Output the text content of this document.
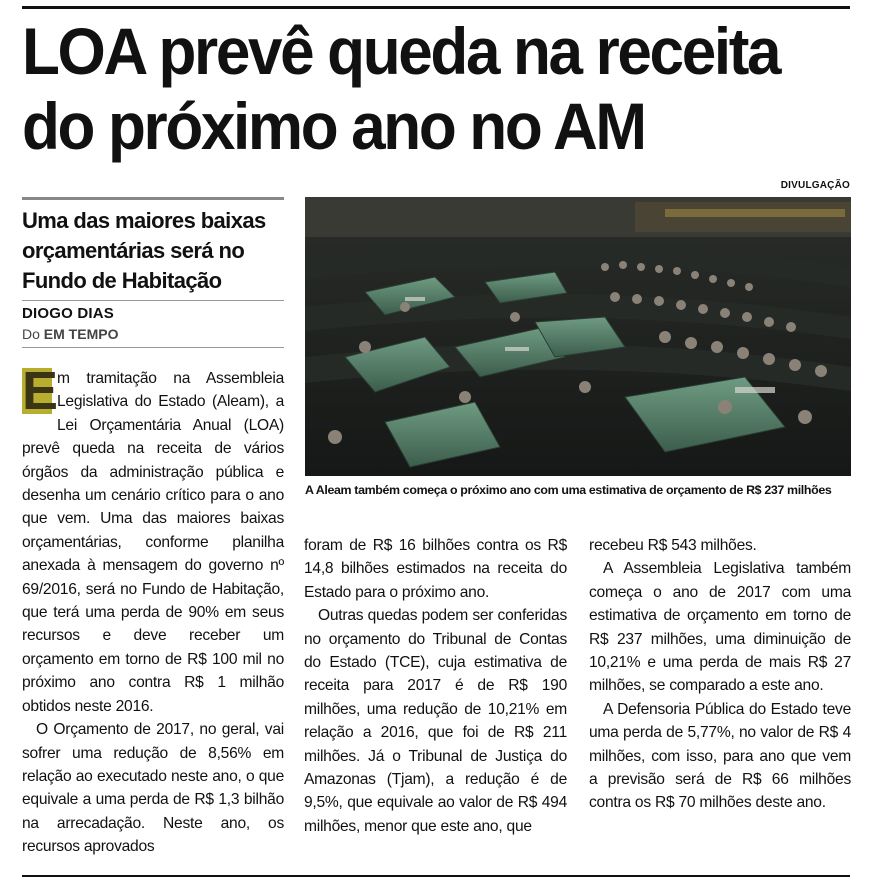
LOA prevê queda na receita
do próximo ano no AM
DIVULGAÇÃO
Uma das maiores baixas
orçamentárias será no
Fundo de Habitação
DIOGO DIAS
Do EM TEMPO

E m tramitação na Assembleia Legislativa do Estado (Aleam), a Lei Orçamentária Anual (LOA) prevê queda na receita de vários órgãos da administração pública e desenha um cenário crítico para o ano que vem. Uma das maiores baixas orçamentárias, conforme planilha anexada à mensagem do governo nº 69/2016, será no Fundo de Habitação, que terá uma perda de 90% em seus recursos e deve receber um orçamento em torno de R$ 100 mil no próximo ano contra R$ 1 milhão obtidos neste 2016.

O Orçamento de 2017, no geral, vai sofrer uma redução de 8,56% em relação ao executado neste ano, o que equivale a uma perda de R$ 1,3 bilhão na arrecadação. Neste ano, os recursos aprovados

A Aleam também começa o próximo ano com uma estimativa de orçamento de R$ 237 milhões

foram de R$ 16 bilhões contra os R$ 14,8 bilhões estimados na receita do Estado para o próximo ano.

Outras quedas podem ser conferidas no orçamento do Tribunal de Contas do Estado (TCE), cuja estimativa de receita para 2017 é de R$ 190 milhões, uma redução de 10,21% em relação a 2016, que foi de R$ 211 milhões. Já o Tribunal de Justiça do Amazonas (Tjam), a redução é de 9,5%, que equivale ao valor de R$ 494 milhões, menor que este ano, que

recebeu R$ 543 milhões.

A Assembleia Legislativa também começa o ano de 2017 com uma estimativa de orçamento em torno de R$ 237 milhões, uma diminuição de 10,21% e uma perda de mais R$ 27 milhões, se comparado a este ano.

A Defensoria Pública do Estado teve uma perda de 5,77%, no valor de R$ 4 milhões, com isso, para ano que vem a previsão será de R$ 66 milhões contra os R$ 70 milhões deste ano.
